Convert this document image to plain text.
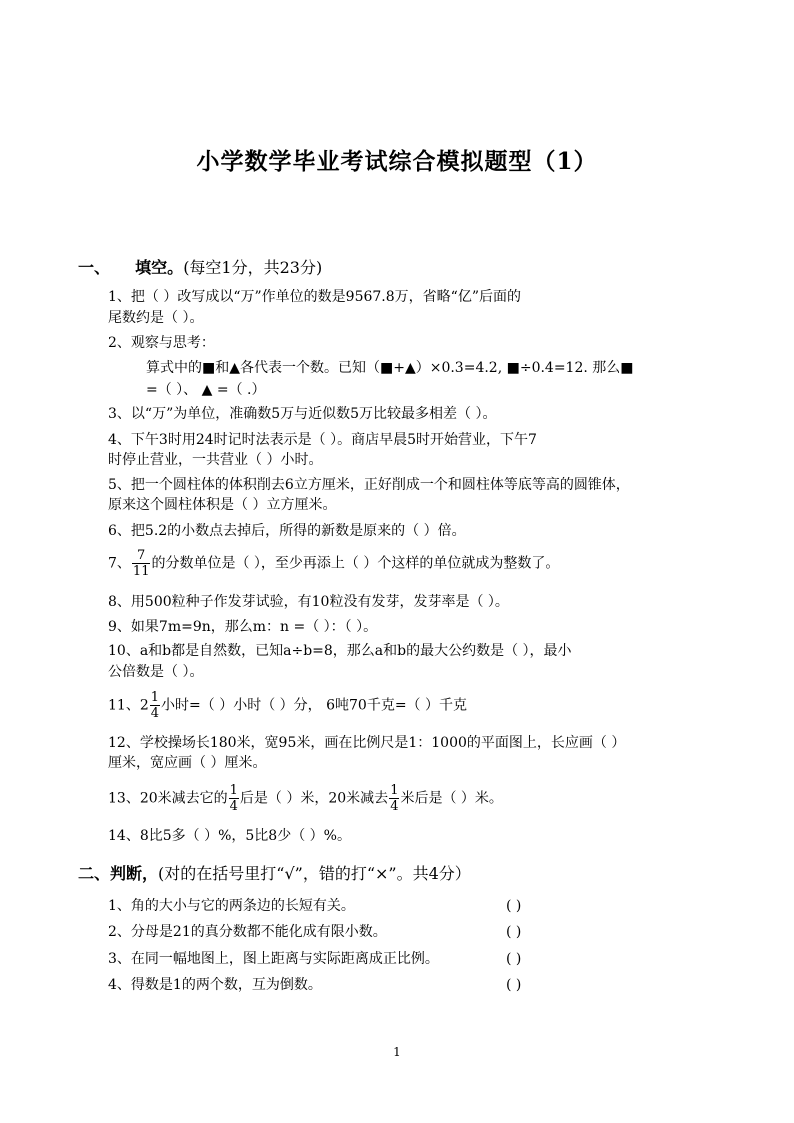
小学数学毕业考试综合模拟题型（1）
一、 填空。(每空1分，共23分)
1、把（ ）改写成以“万”作单位的数是9567.8万，省略“亿”后面的
尾数约是（ ）。
2、观察与思考：
算式中的■和▲各代表一个数。已知（■+▲）×0.3=4.2, ■÷0.4=12. 那么■
=（ ）、 ▲ =（ .）
3、以“万”为单位，准确数5万与近似数5万比较最多相差（ ）。
4、下午3时用24时记时法表示是（ ）。商店早晨5时开始营业，下午7
时停止营业，一共营业（ ）小时。
5、把一个圆柱体的体积削去6立方厘米，正好削成一个和圆柱体等底等高的圆锥体，
原来这个圆柱体积是（ ）立方厘米。
6、把5.2的小数点去掉后，所得的新数是原来的（ ）倍。
7、 $\frac{7}{11}$ 的分数单位是（ ），至少再添上（ ）个这样的单位就成为整数了。
8、用500粒种子作发芽试验，有10粒没有发芽，发芽率是（ ）。
9、如果7m=9n，那么m：n =（ ）：（ ）。
10、a和b都是自然数，已知a÷b=8，那么a和b的最大公约数是（ ），最小
公倍数是（ ）。
11、$2 \frac{1}{4}$ 小时=（ ）小时（ ）分， 6吨70千克=（ ）千克
12、学校操场长180米，宽95米，画在比例尺是1：1000的平面图上，长应画（ ）
厘米，宽应画（ ）厘米。
13、20米减去它的 $\frac{1}{4}$ 后是（ ）米，20米减去 $\frac{1}{4}$ 米后是（ ）米。
14、8比5多（ ）%，5比8少（ ）%。
二、判断，(对的在括号里打“√”，错的打“×”。共4分）
1、角的大小与它的两条边的长短有关。	( )
2、分母是21的真分数都不能化成有限小数。	( )
3、在同一幅地图上，图上距离与实际距离成正比例。	( )
4、得数是1的两个数，互为倒数。	( )
1
